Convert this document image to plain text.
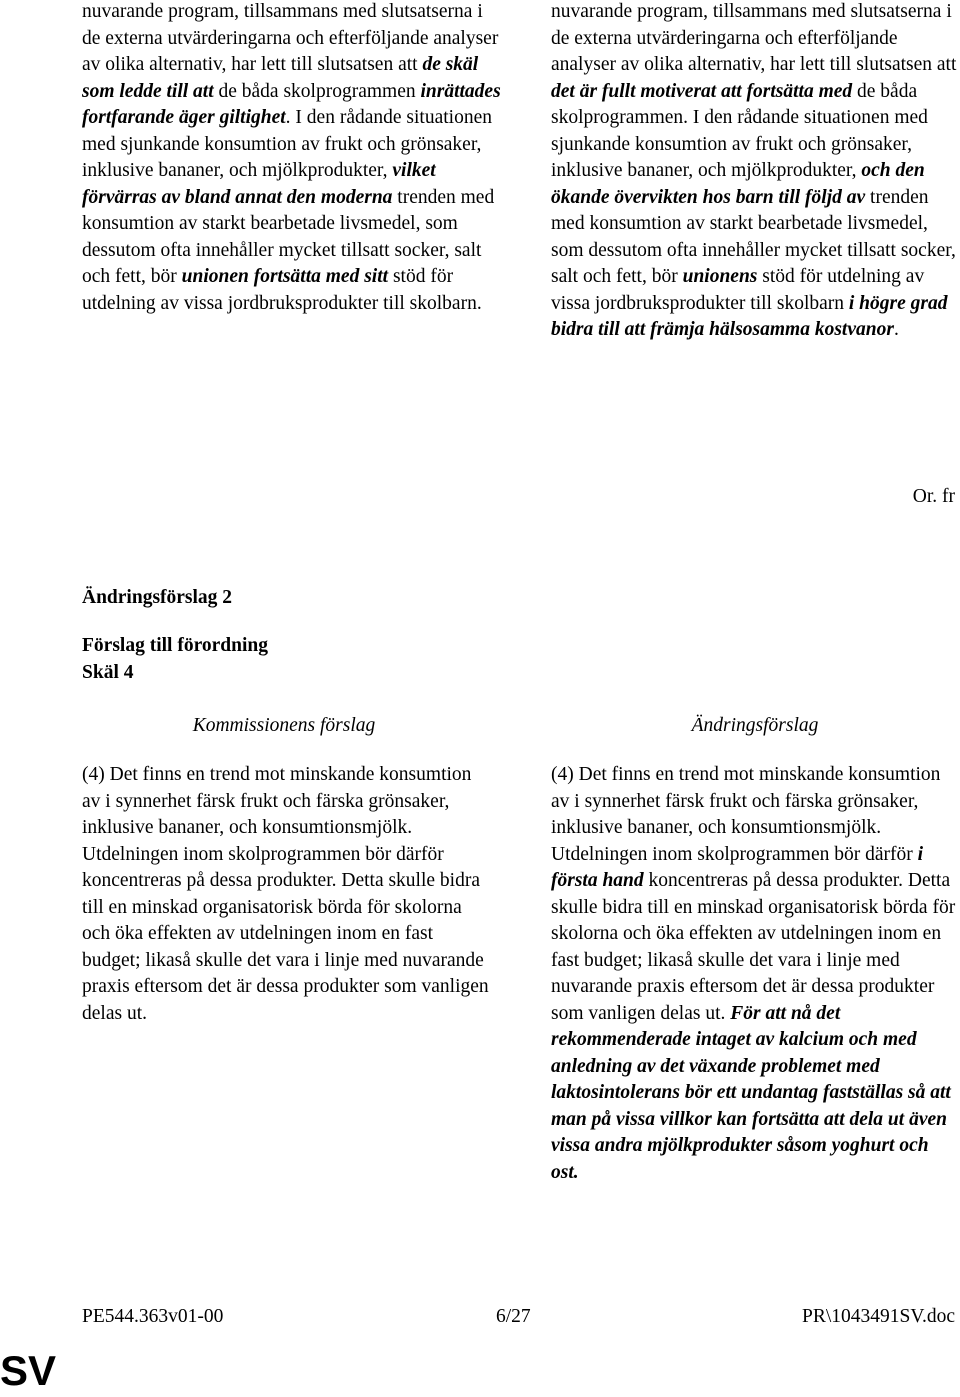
nuvarande program, tillsammans med slutsatserna i de externa utvärderingarna och efterföljande analyser av olika alternativ, har lett till slutsatsen att de skäl som ledde till att de båda skolprogrammen inrättades fortfarande äger giltighet. I den rådande situationen med sjunkande konsumtion av frukt och grönsaker, inklusive bananer, och mjölkprodukter, vilket förvärras av bland annat den moderna trenden med konsumtion av starkt bearbetade livsmedel, som dessutom ofta innehåller mycket tillsatt socker, salt och fett, bör unionen fortsätta med sitt stöd för utdelning av vissa jordbruksprodukter till skolbarn.
nuvarande program, tillsammans med slutsatserna i de externa utvärderingarna och efterföljande analyser av olika alternativ, har lett till slutsatsen att det är fullt motiverat att fortsätta med de båda skolprogrammen. I den rådande situationen med sjunkande konsumtion av frukt och grönsaker, inklusive bananer, och mjölkprodukter, och den ökande övervikten hos barn till följd av trenden med konsumtion av starkt bearbetade livsmedel, som dessutom ofta innehåller mycket tillsatt socker, salt och fett, bör unionens stöd för utdelning av vissa jordbruksprodukter till skolbarn i högre grad bidra till att främja hälsosamma kostvanor.
Or. fr
Ändringsförslag 2
Förslag till förordning
Skäl 4
Kommissionens förslag	Ändringsförslag
(4) Det finns en trend mot minskande konsumtion av i synnerhet färsk frukt och färska grönsaker, inklusive bananer, och konsumtionsmjölk. Utdelningen inom skolprogrammen bör därför koncentreras på dessa produkter. Detta skulle bidra till en minskad organisatorisk börda för skolorna och öka effekten av utdelningen inom en fast budget; likaså skulle det vara i linje med nuvarande praxis eftersom det är dessa produkter som vanligen delas ut.
(4) Det finns en trend mot minskande konsumtion av i synnerhet färsk frukt och färska grönsaker, inklusive bananer, och konsumtionsmjölk. Utdelningen inom skolprogrammen bör därför i första hand koncentreras på dessa produkter. Detta skulle bidra till en minskad organisatorisk börda för skolorna och öka effekten av utdelningen inom en fast budget; likaså skulle det vara i linje med nuvarande praxis eftersom det är dessa produkter som vanligen delas ut. För att nå det rekommenderade intaget av kalcium och med anledning av det växande problemet med laktosintolerans bör ett undantag fastställas så att man på vissa villkor kan fortsätta att dela ut även vissa andra mjölkprodukter såsom yoghurt och ost.
PE544.363v01-00	6/27	PR\1043491SV.doc
SV
